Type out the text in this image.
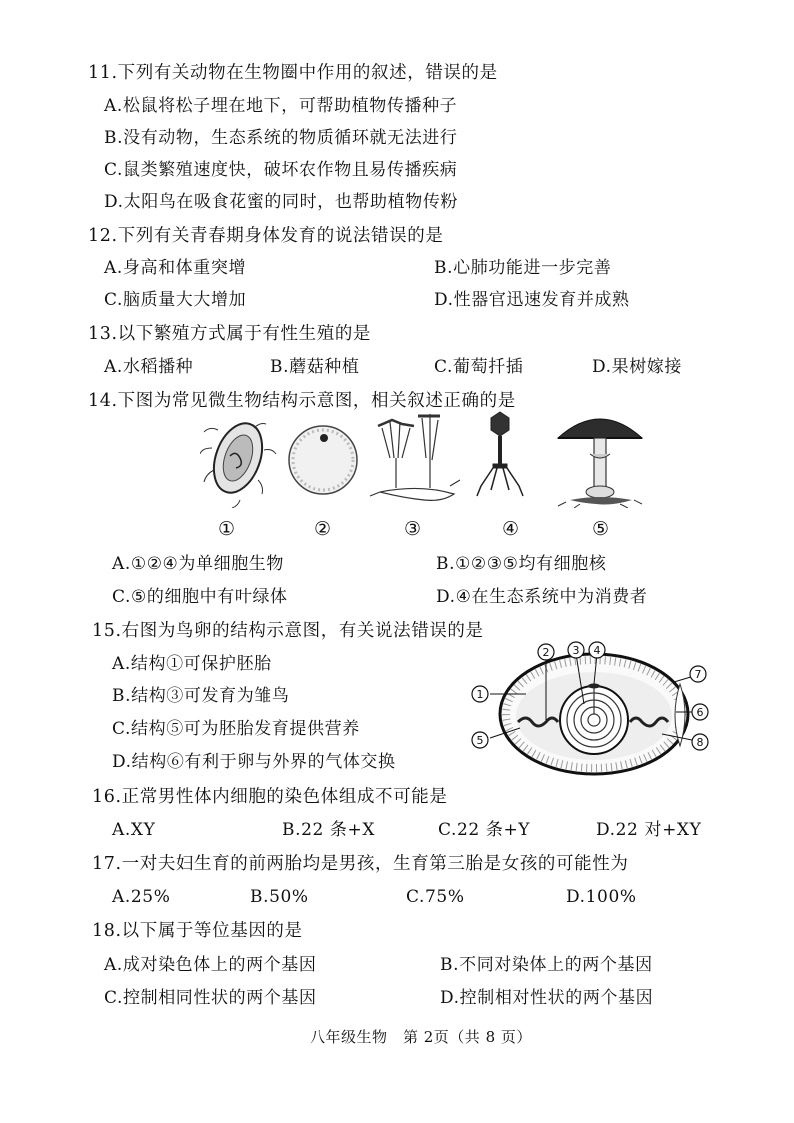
11.下列有关动物在生物圈中作用的叙述，错误的是
A.松鼠将松子埋在地下，可帮助植物传播种子
B.没有动物，生态系统的物质循环就无法进行
C.鼠类繁殖速度快，破坏农作物且易传播疾病
D.太阳鸟在吸食花蜜的同时，也帮助植物传粉
12.下列有关青春期身体发育的说法错误的是
A.身高和体重突增	B.心肺功能进一步完善
C.脑质量大大增加	D.性器官迅速发育并成熟
13.以下繁殖方式属于有性生殖的是
A.水稻播种	B.蘑菇种植	C.葡萄扦插	D.果树嫁接
14.下图为常见微生物结构示意图，相关叙述正确的是
①	②	③	④	⑤
A.①②④为单细胞生物	B.①②③⑤均有细胞核
C.⑤的细胞中有叶绿体	D.④在生态系统中为消费者
15.右图为鸟卵的结构示意图，有关说法错误的是
A.结构①可保护胚胎
B.结构③可发育为雏鸟
C.结构⑤可为胚胎发育提供营养
D.结构⑥有利于卵与外界的气体交换
2 3 4
7
1
6
5	8
16.正常男性体内细胞的染色体组成不可能是
A.XY	B.22 条+X	C.22 条+Y	D.22 对+XY
17.一对夫妇生育的前两胎均是男孩，生育第三胎是女孩的可能性为
A.25%	B.50%	C.75%	D.100%
18.以下属于等位基因的是
A.成对染色体上的两个基因	B.不同对染体上的两个基因
C.控制相同性状的两个基因	D.控制相对性状的两个基因
八年级生物　第 2页（共 8 页）
